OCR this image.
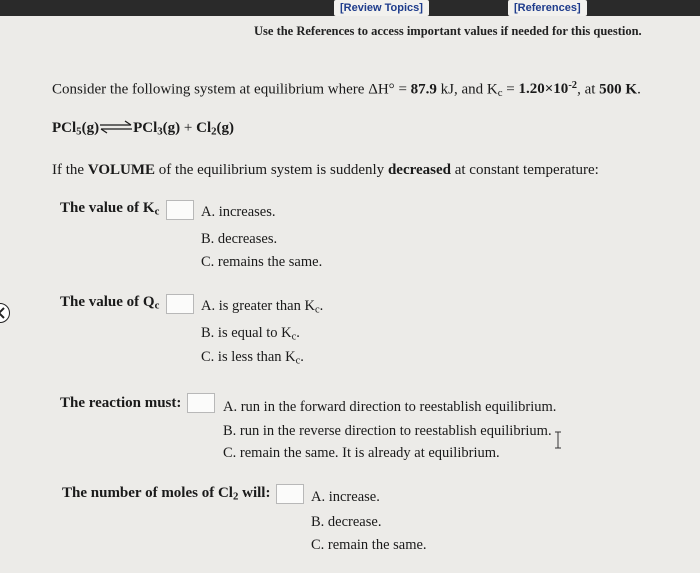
[Review Topics]	[References]
Use the References to access important values if needed for this question.
Consider the following system at equilibrium where ΔH° = 87.9 kJ, and $K_c = 1.20\times 10^{-2}$, at 500 K.
PCl$_5$(g)⇌PCl$_3$(g) + $Cl_2(g)$
If the VOLUME of the equilibrium system is suddenly decreased at constant temperature:
The value of $K_c$	A. increases.
B. decreases.
C. remains the same.
The value of $Q_c$	A. is greater than $K_c$.
B. is equal to $K_c$.
C. is less than $K_c$.
The reaction must:	A. run in the forward direction to reestablish equilibrium.
B. run in the reverse direction to reestablish equilibrium.
C. remain the same. It is already at equilibrium.
The number of moles of $Cl_2$ will:	A. increase.
B. decrease.
C. remain the same.
